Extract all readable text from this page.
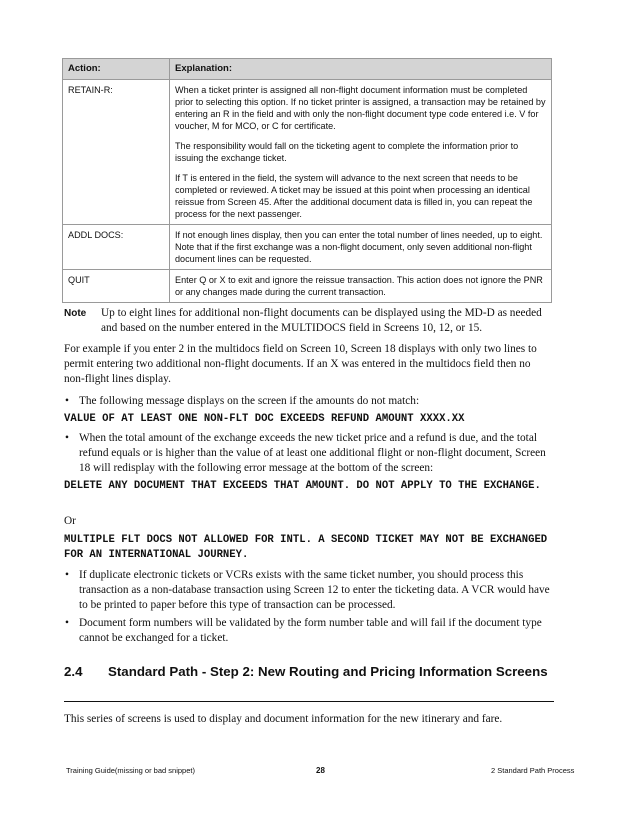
Action:	Explanation:
RETAIN-R:	When a ticket printer is assigned all non-flight document information must be completed prior to selecting this option. If no ticket printer is assigned, a transaction may be retained by entering an R in the field and with only the non-flight document type code entered i.e. V for voucher, M for MCO, or C for certificate.

The responsibility would fall on the ticketing agent to complete the information prior to issuing the exchange ticket.

If T is entered in the field, the system will advance to the next screen that needs to be completed or reviewed. A ticket may be issued at this point when processing an identical reissue from Screen 45. After the additional document data is filled in, you can repeat the process for the next passenger.

ADDL DOCS:	If not enough lines display, then you can enter the total number of lines needed, up to eight. Note that if the first exchange was a non-flight document, only seven additional non-flight document lines can be requested.

QUIT	Enter Q or X to exit and ignore the reissue transaction. This action does not ignore the PNR or any changes made during the current transaction.

Note Up to eight lines for additional non-flight documents can be displayed using the MD-D as needed and based on the number entered in the MULTIDOCS field in Screens 10, 12, or 15.
For example if you enter 2 in the multidocs field on Screen 10, Screen 18 displays with only two lines to permit entering two additional non-flight documents. If an X was entered in the multidocs field then no non-flight lines display.
• The following message displays on the screen if the amounts do not match:
VALUE OF AT LEAST ONE NON-FLT DOC EXCEEDS REFUND AMOUNT XXXX.XX
• When the total amount of the exchange exceeds the new ticket price and a refund is due, and the total refund equals or is higher than the value of at least one additional flight or non-flight document, Screen 18 will redisplay with the following error message at the bottom of the screen:
DELETE ANY DOCUMENT THAT EXCEEDS THAT AMOUNT. DO NOT APPLY TO THE EXCHANGE.
Or
MULTIPLE FLT DOCS NOT ALLOWED FOR INTL. A SECOND TICKET MAY NOT BE EXCHANGED FOR AN INTERNATIONAL JOURNEY.
• If duplicate electronic tickets or VCRs exists with the same ticket number, you should process this transaction as a non-database transaction using Screen 12 to enter the ticketing data. A VCR would have to be printed to paper before this type of transaction can be processed.
• Document form numbers will be validated by the form number table and will fail if the document type cannot be exchanged for a ticket.
2.4 Standard Path - Step 2: New Routing and Pricing Information Screens
This series of screens is used to display and document information for the new itinerary and fare.
Training Guide(missing or bad snippet)	28	2 Standard Path Process
